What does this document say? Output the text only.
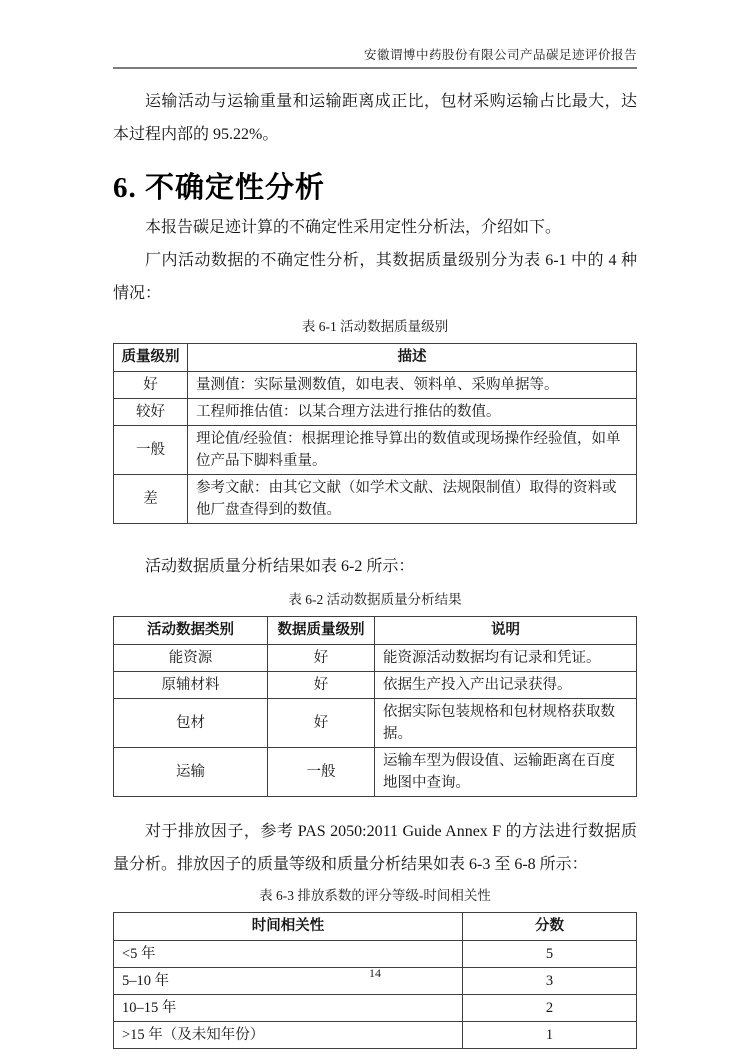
安徽谓博中药股份有限公司产品碳足迹评价报告

运输活动与运输重量和运输距离成正比，包材采购运输占比最大，达本过程内部的 95.22%。

6. 不确定性分析

本报告碳足迹计算的不确定性采用定性分析法，介绍如下。

厂内活动数据的不确定性分析，其数据质量级别分为表 6-1 中的 4 种情况：

表 6-1 活动数据质量级别
质量级别	描述
好	量测值：实际量测数值，如电表、领料单、采购单据等。
较好	工程师推估值：以某合理方法进行推估的数值。
一般	理论值/经验值：根据理论推导算出的数值或现场操作经验值，如单位产品下脚料重量。
差	参考文献：由其它文献（如学术文献、法规限制值）取得的资料或他厂盘查得到的数值。

活动数据质量分析结果如表 6-2 所示：

表 6-2 活动数据质量分析结果
活动数据类别	数据质量级别	说明
能资源	好	能资源活动数据均有记录和凭证。
原辅材料	好	依据生产投入产出记录获得。
包材	好	依据实际包装规格和包材规格获取数据。
运输	一般	运输车型为假设值、运输距离在百度地图中查询。

对于排放因子，参考 PAS 2050:2011 Guide Annex F 的方法进行数据质量分析。排放因子的质量等级和质量分析结果如表 6-3 至 6-8 所示：

表 6-3 排放系数的评分等级-时间相关性
时间相关性	分数
<5 年	5
5–10 年	3
10–15 年	2
>15 年（及未知年份）	1
14
